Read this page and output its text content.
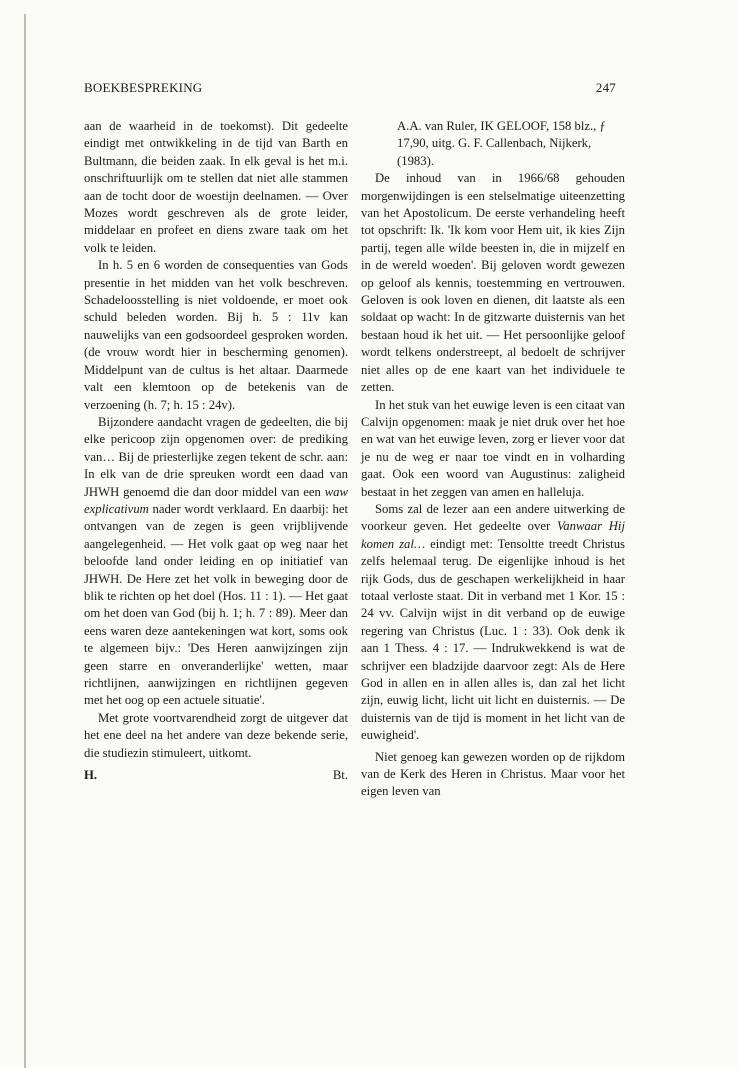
BOEKBESPREKING	247

aan de waarheid in de toekomst). Dit gedeelte eindigt met ontwikkeling in de tijd van Barth en Bultmann, die beiden zaak. In elk geval is het m.i. onschriftuurlijk om te stellen dat niet alle stammen aan de tocht door de woestijn deelnamen. — Over Mozes wordt geschreven als de grote leider, middelaar en profeet en diens zware taak om het volk te leiden.

In h. 5 en 6 worden de consequenties van Gods presentie in het midden van het volk beschreven. Schadeloosstelling is niet voldoende, er moet ook schuld beleden worden. Bij h. 5 : 11v kan nauwelijks van een godsoordeel gesproken worden. (de vrouw wordt hier in bescherming genomen). Middelpunt van de cultus is het altaar. Daarmede valt een klemtoon op de betekenis van de verzoening (h. 7; h. 15 : 24v).

Bijzondere aandacht vragen de gedeelten, die bij elke pericoop zijn opgenomen over: de prediking van… Bij de priesterlijke zegen tekent de schr. aan: In elk van de drie spreuken wordt een daad van JHWH genoemd die dan door middel van een waw explicativum nader wordt verklaard. En daarbij: het ontvangen van de zegen is geen vrijblijvende aangelegenheid. — Het volk gaat op weg naar het beloofde land onder leiding en op initiatief van JHWH. De Here zet het volk in beweging door de blik te richten op het doel (Hos. 11 : 1). — Het gaat om het doen van God (bij h. 1; h. 7 : 89). Meer dan eens waren deze aantekeningen wat kort, soms ook te algemeen bijv.: 'Des Heren aanwijzingen zijn geen starre en onveranderlijke' wetten, maar richtlijnen, aanwijzingen en richtlijnen gegeven met het oog op een actuele situatie'.

Met grote voortvarendheid zorgt de uitgever dat het ene deel na het andere van deze bekende serie, die studiezin stimuleert, uitkomt.

H.	Bt.

A.A. van Ruler, IK GELOOF, 158 blz., ƒ 17,90, uitg. G. F. Callenbach, Nijkerk, (1983).

De inhoud van in 1966/68 gehouden morgenwijdingen is een stelselmatige uiteenzetting van het Apostolicum. De eerste verhandeling heeft tot opschrift: Ik. 'Ik kom voor Hem uit, ik kies Zijn partij, tegen alle wilde beesten in, die in mijzelf en in de wereld woeden'. Bij geloven wordt gewezen op geloof als kennis, toestemming en vertrouwen. Geloven is ook loven en dienen, dit laatste als een soldaat op wacht: In de gitzwarte duisternis van het bestaan houd ik het uit. — Het persoonlijke geloof wordt telkens onderstreept, al bedoelt de schrijver niet alles op de ene kaart van het individuele te zetten.

In het stuk van het euwige leven is een citaat van Calvijn opgenomen: maak je niet druk over het hoe en wat van het euwige leven, zorg er liever voor dat je nu de weg er naar toe vindt en in volharding gaat. Ook een woord van Augustinus: zaligheid bestaat in het zeggen van amen en halleluja.

Soms zal de lezer aan een andere uitwerking de voorkeur geven. Het gedeelte over Vanwaar Hij komen zal… eindigt met: Tensoltte treedt Christus zelfs helemaal terug. De eigenlijke inhoud is het rijk Gods, dus de geschapen werkelijkheid in haar totaal verloste staat. Dit in verband met 1 Kor. 15 : 24 vv. Calvijn wijst in dit verband op de euwige regering van Christus (Luc. 1 : 33). Ook denk ik aan 1 Thess. 4 : 17. — Indrukwekkend is wat de schrijver een bladzijde daarvoor zegt: Als de Here God in allen en in allen alles is, dan zal het licht zijn, euwig licht, licht uit licht en duisternis. — De duisternis van de tijd is moment in het licht van de euwigheid'.

Niet genoeg kan gewezen worden op de rijkdom van de Kerk des Heren in Christus. Maar voor het eigen leven van
